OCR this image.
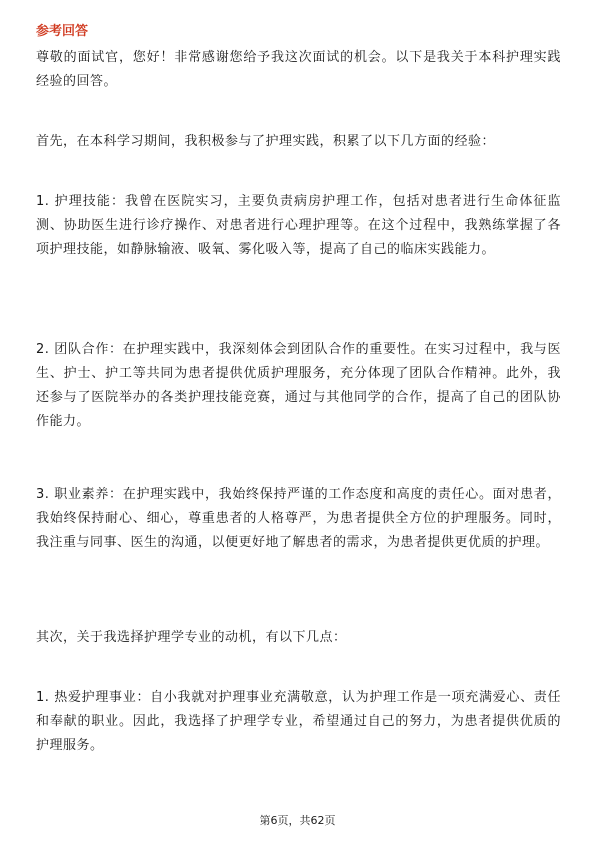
参考回答

尊敬的面试官，您好！非常感谢您给予我这次面试的机会。以下是我关于本科护理实践经验的回答。

首先，在本科学习期间，我积极参与了护理实践，积累了以下几方面的经验：

1. 护理技能：我曾在医院实习，主要负责病房护理工作，包括对患者进行生命体征监测、协助医生进行诊疗操作、对患者进行心理护理等。在这个过程中，我熟练掌握了各项护理技能，如静脉输液、吸氧、雾化吸入等，提高了自己的临床实践能力。

2. 团队合作：在护理实践中，我深刻体会到团队合作的重要性。在实习过程中，我与医生、护士、护工等共同为患者提供优质护理服务，充分体现了团队合作精神。此外，我还参与了医院举办的各类护理技能竞赛，通过与其他同学的合作，提高了自己的团队协作能力。

3. 职业素养：在护理实践中，我始终保持严谨的工作态度和高度的责任心。面对患者，我始终保持耐心、细心，尊重患者的人格尊严，为患者提供全方位的护理服务。同时，我注重与同事、医生的沟通，以便更好地了解患者的需求，为患者提供更优质的护理。

其次，关于我选择护理学专业的动机，有以下几点：

1. 热爱护理事业：自小我就对护理事业充满敬意，认为护理工作是一项充满爱心、责任和奉献的职业。因此，我选择了护理学专业，希望通过自己的努力，为患者提供优质的护理服务。

第6页，共62页
